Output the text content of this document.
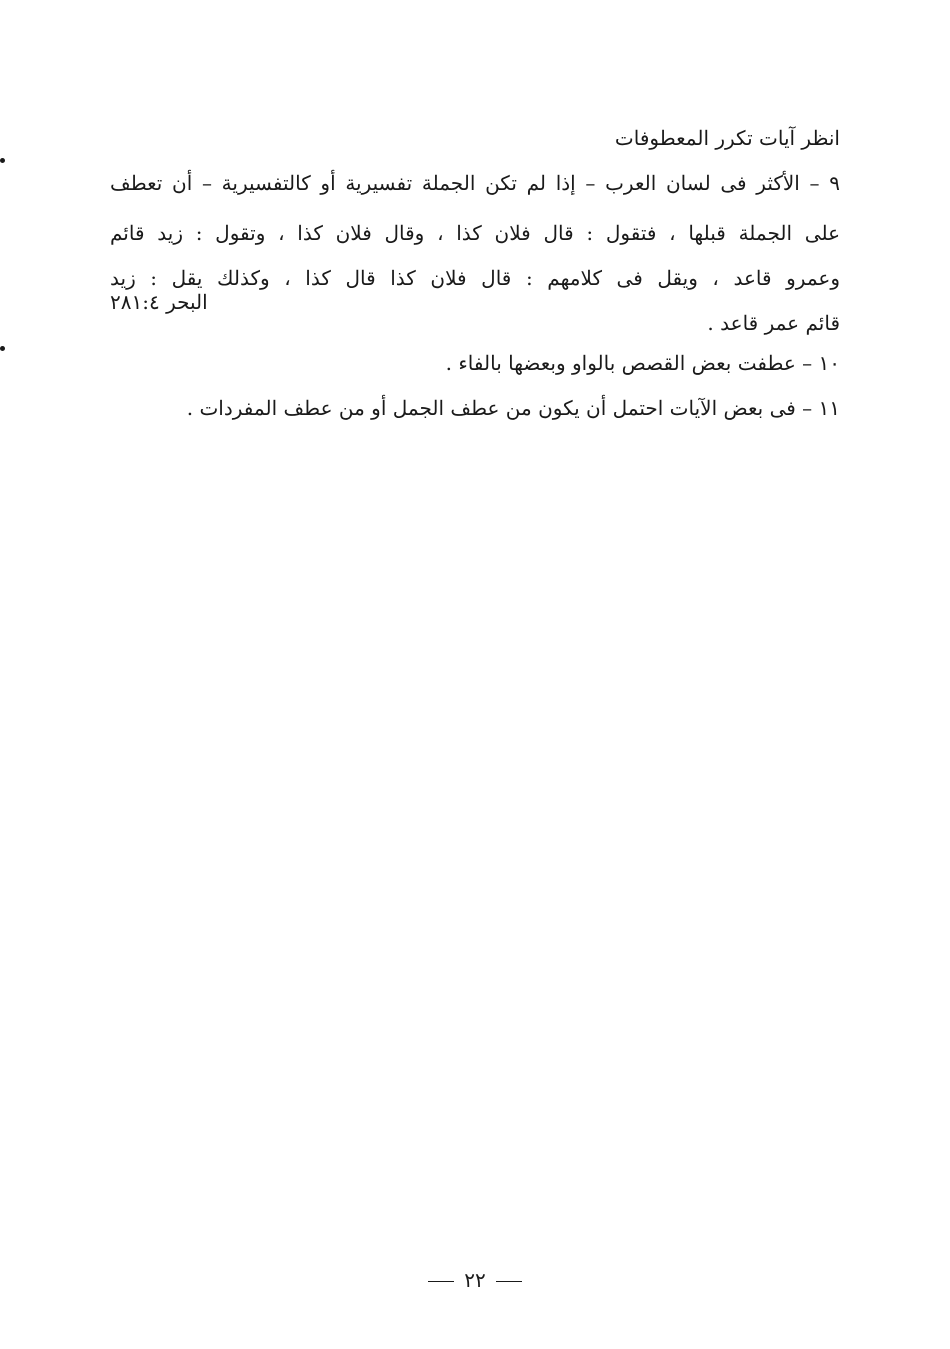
انظر آيات تكرر المعطوفات
٩ – الأكثر فى لسان العرب – إذا لم تكن الجملة تفسيرية أو كالتفسيرية – أن تعطف
على الجملة قبلها ، فتقول : قال فلان كذا ، وقال فلان كذا ، وتقول : زيد قائم
وعمرو قاعد ، ويقل فى كلامهم : قال فلان كذا قال كذا ، وكذلك يقل : زيد
قائم عمر قاعد .
١٠ – عطفت بعض القصص بالواو وبعضها بالفاء .
١١ – فى بعض الآيات احتمل أن يكون من عطف الجمل أو من عطف المفردات .
البحر ٢٨١:٤
٢٢
